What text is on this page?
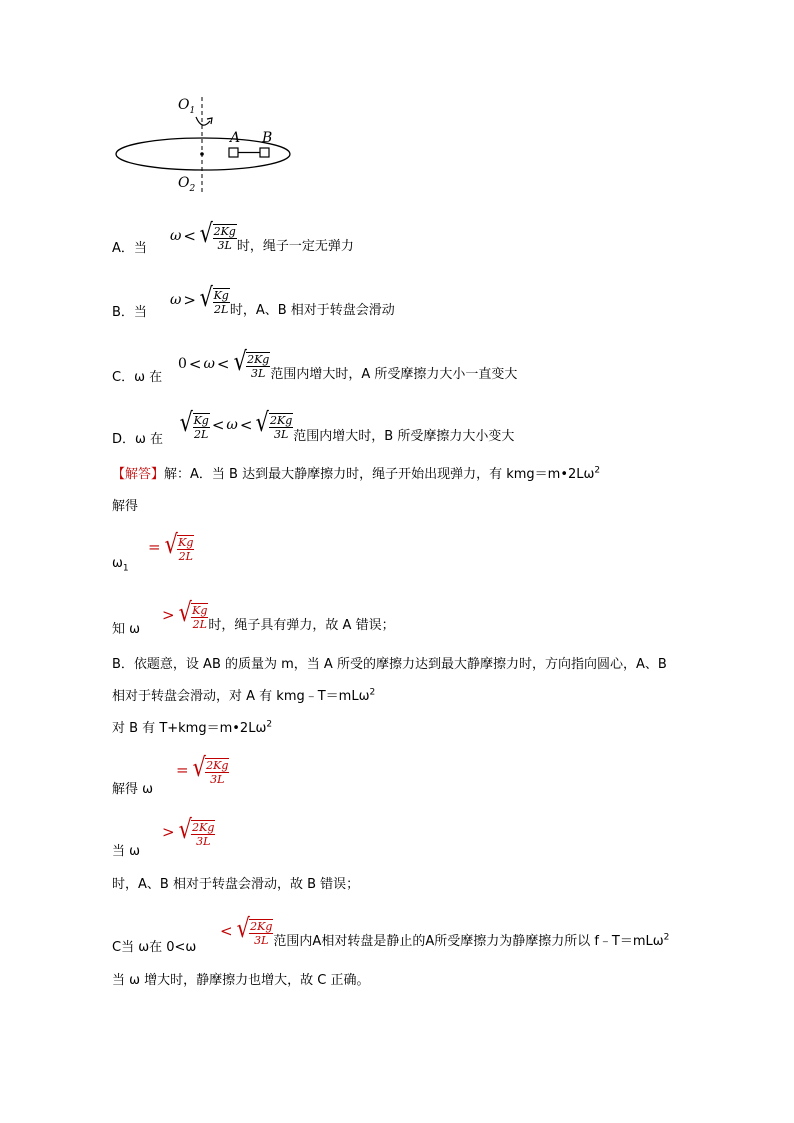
$O_1$
$O_2$
A B
A．当
ω < √ $\frac{2Kg}{3L}$ 时，绳子一定无弹力
B．当
ω > √ $\frac{Kg}{2L}$ 时，A、B 相对于转盘会滑动
C．ω 在
0 < ω < √ $\frac{2Kg}{3L}$ 范围内增大时，A 所受摩擦力大小一直变大
D．ω 在
√ $\frac{Kg}{2L} < \omega$ < √ $\frac{2Kg}{3L}$ 范围内增大时，B 所受摩擦力大小变大
【解答】解：A．当 B 达到最大静摩擦力时，绳子开始出现弹力，有 $kmg=m•2L\omega^2$
解得
$\omega_1$
= √ $\frac{Kg}{2L}$
知 ω
> √ $\frac{Kg}{2L}$ 时，绳子具有弹力，故 A 错误；
B．依题意，设 AB 的质量为 m，当 A 所受的摩擦力达到最大静摩擦力时，方向指向圆心，A、B
相对于转盘会滑动，对 A 有 kmg﹣T＝mLω$^2$
对 B 有 $T+kmg=m•2L\omega^2$
解得 ω
= √ $\frac{2Kg}{3L}$
当 ω
> √ $\frac{2Kg}{3L}$
时，A、B 相对于转盘会滑动，故 B 错误；
C当 ω在 0<ω
< √ $\frac{2Kg}{3L}$ 范围内A相对转盘是静止的A所受摩擦力为静摩擦力所以 f﹣T＝mLω$^2$
当 ω 增大时，静摩擦力也增大，故 C 正确。
